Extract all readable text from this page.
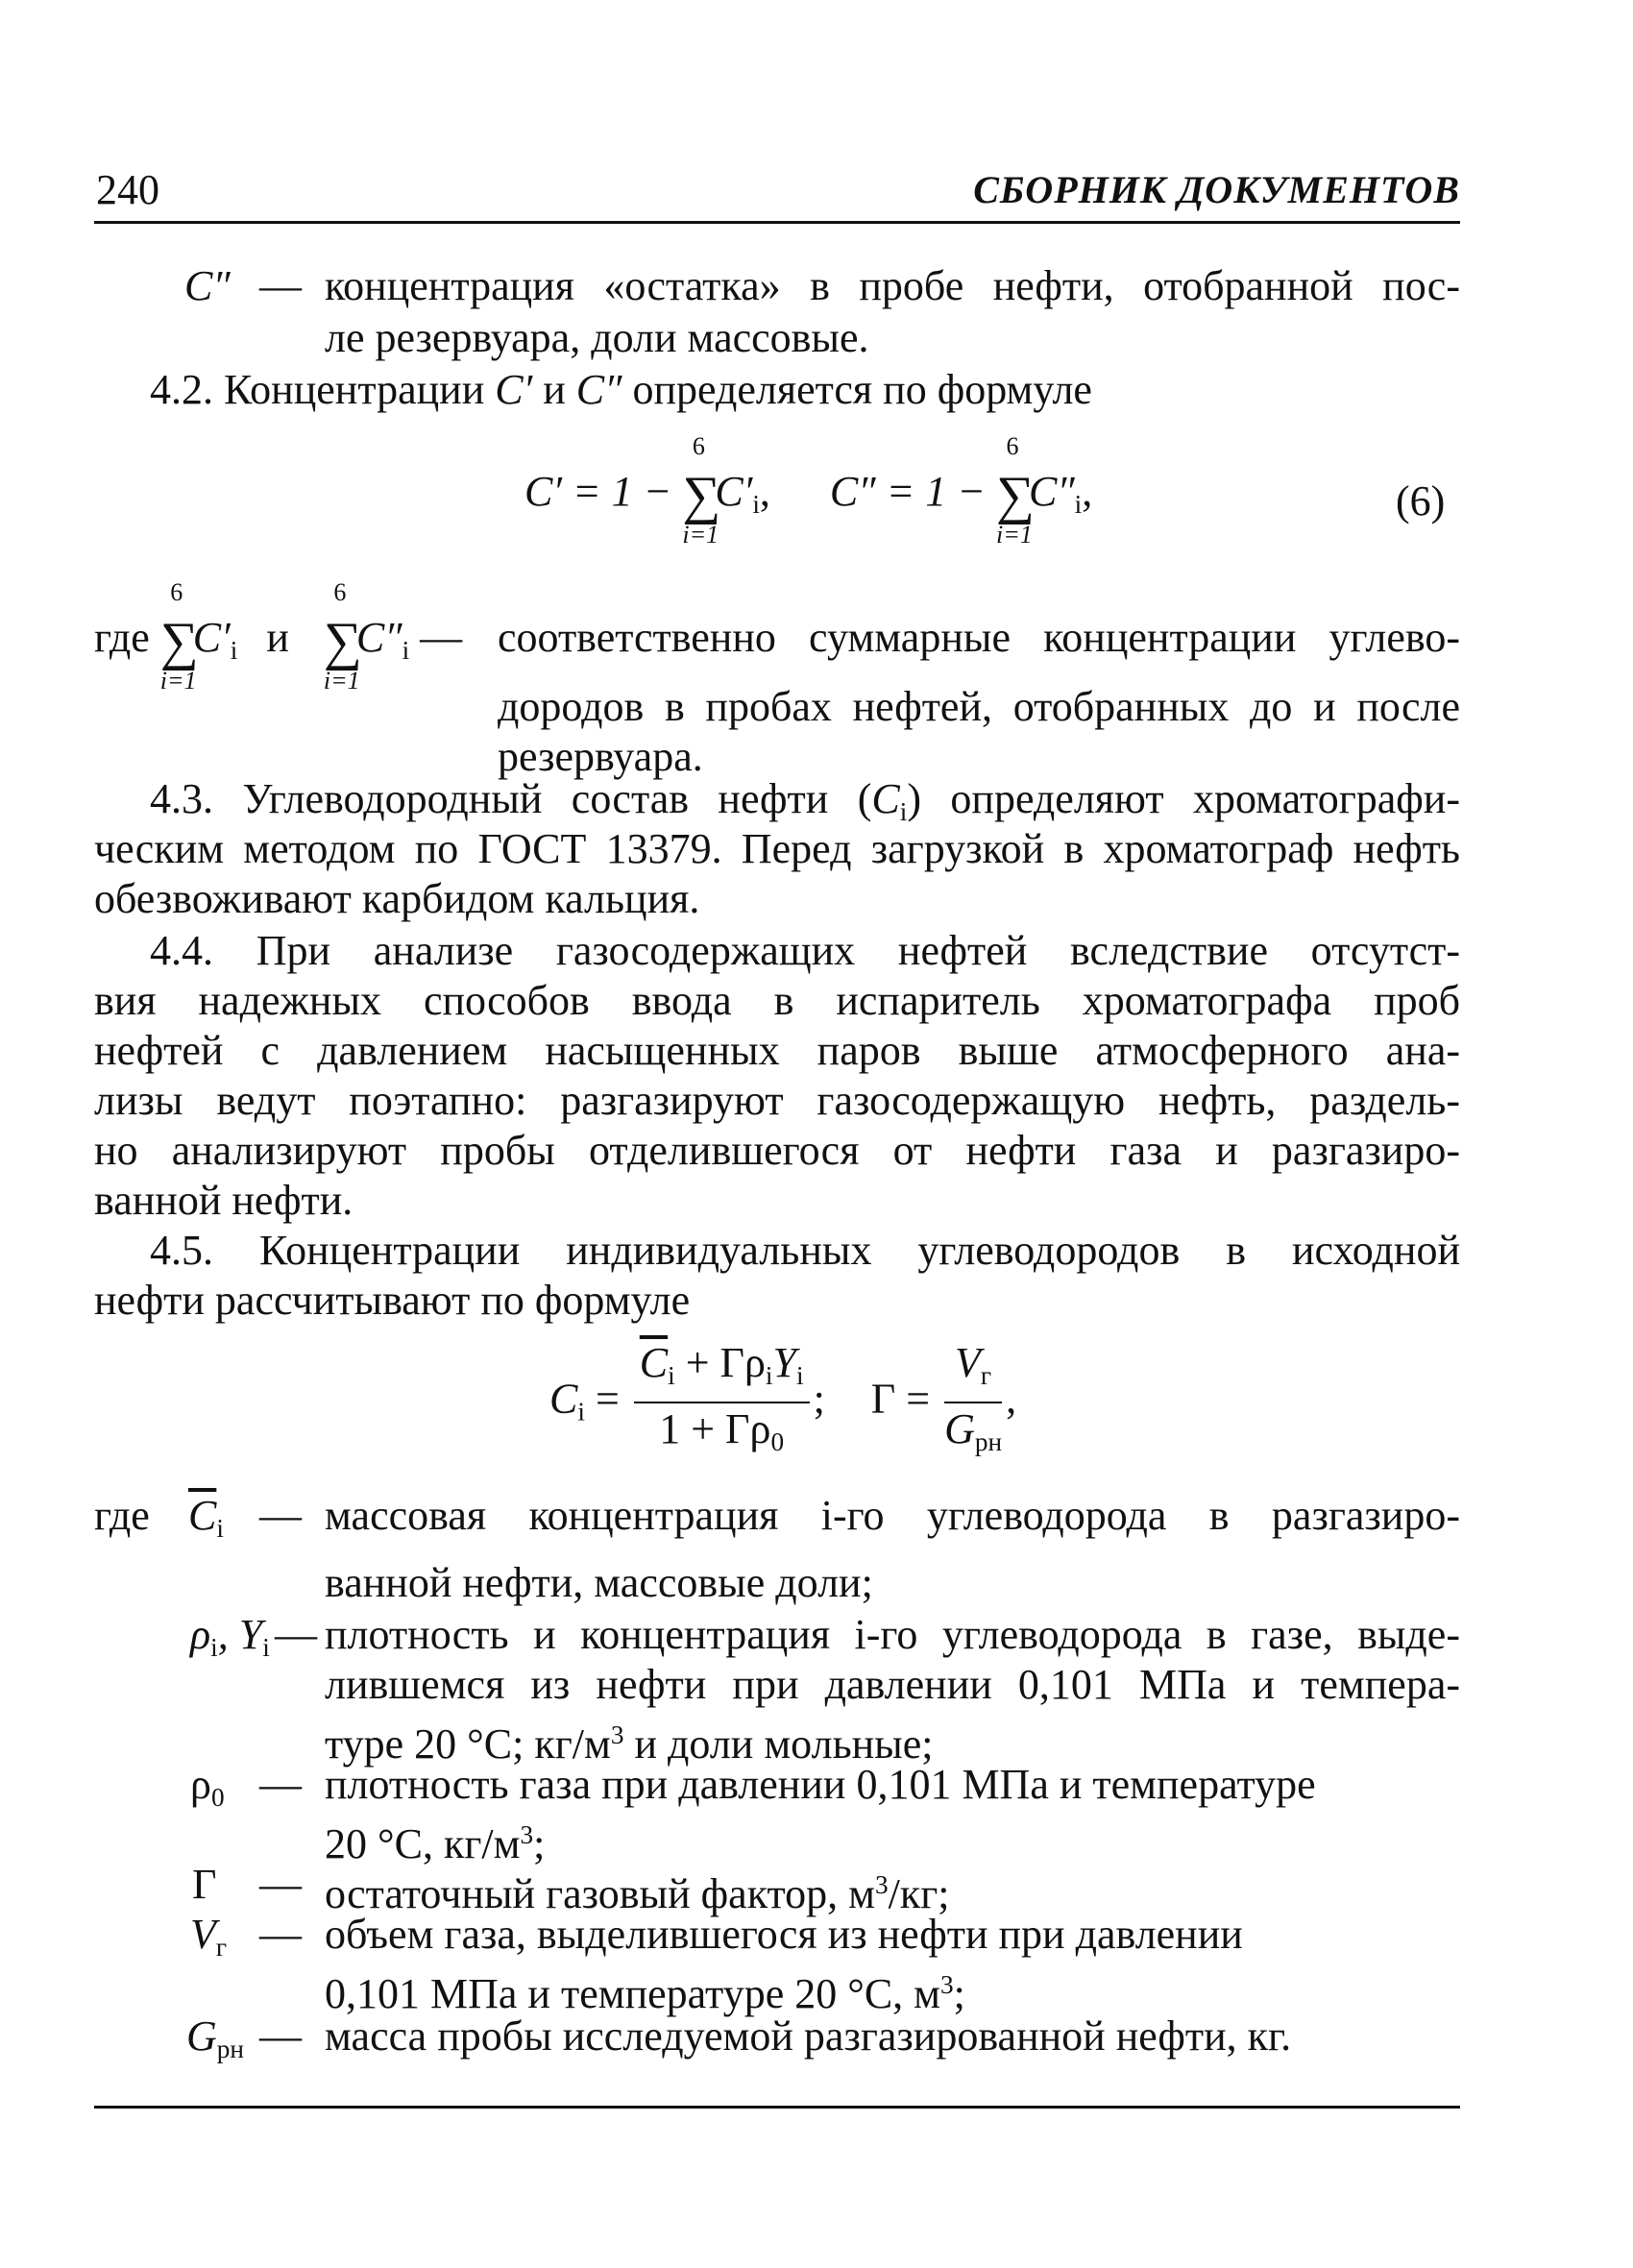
240	СБОРНИК ДОКУМЕНТОВ
C″ — концентрация «остатка» в пробе нефти, отобранной пос-
ле резервуара, доли массовые.
4.2. Концентрации C′ и C″ определяется по формуле
C′ = 1 −
6
∑
i=1
C′i,  C″ = 1 −
6
∑
i=1
C″i,	(6)
где
6
∑
i=1
C′i и
6
∑
i=1
C″i — соответственно суммарные концентрации углево-
дородов в пробах нефтей, отобранных до и после
резервуара.
4.3. Углеводородный состав нефти (Ci) определяют хроматографи-
ческим методом по ГОСТ 13379. Перед загрузкой в хроматограф нефть
обезвоживают карбидом кальция.
4.4. При анализе газосодержащих нефтей вследствие отсутст-
вия надежных способов ввода в испаритель хроматографа проб
нефтей с давлением насыщенных паров выше атмосферного ана-
лизы ведут поэтапно: разгазируют газосодержащую нефть, раздель-
но анализируют пробы отделившегося от нефти газа и разгазиро-
ванной нефти.
4.5. Концентрации индивидуальных углеводородов в исходной
нефти рассчитывают по формуле
$Ci = \frac{\overline{C}i + Г\rho iYi}{1 + Г\rho 0}$ ; $Г = \frac{Vг}{\text{Gрн}}$ ,
где $\overline{C}i$ — массовая концентрация i-го углеводорода в разгазиро-
ванной нефти, массовые доли;
ρi, Yi — плотность и концентрация i-го углеводорода в газе, выде-
лившемся из нефти при давлении 0,101 МПа и темпера-
туре 20 °С; $кг/м^3$ и доли мольные;
ρ0 — плотность газа при давлении 0,101 МПа и температуре
20 °С, $кг/м^3$;
Г — остаточный газовый фактор, $м^3/кг$;
Vг — объем газа, выделившегося из нефти при давлении
0,101 МПа и температуре 20 °С, $м^3$;
Gрн — масса пробы исследуемой разгазированной нефти, кг.
